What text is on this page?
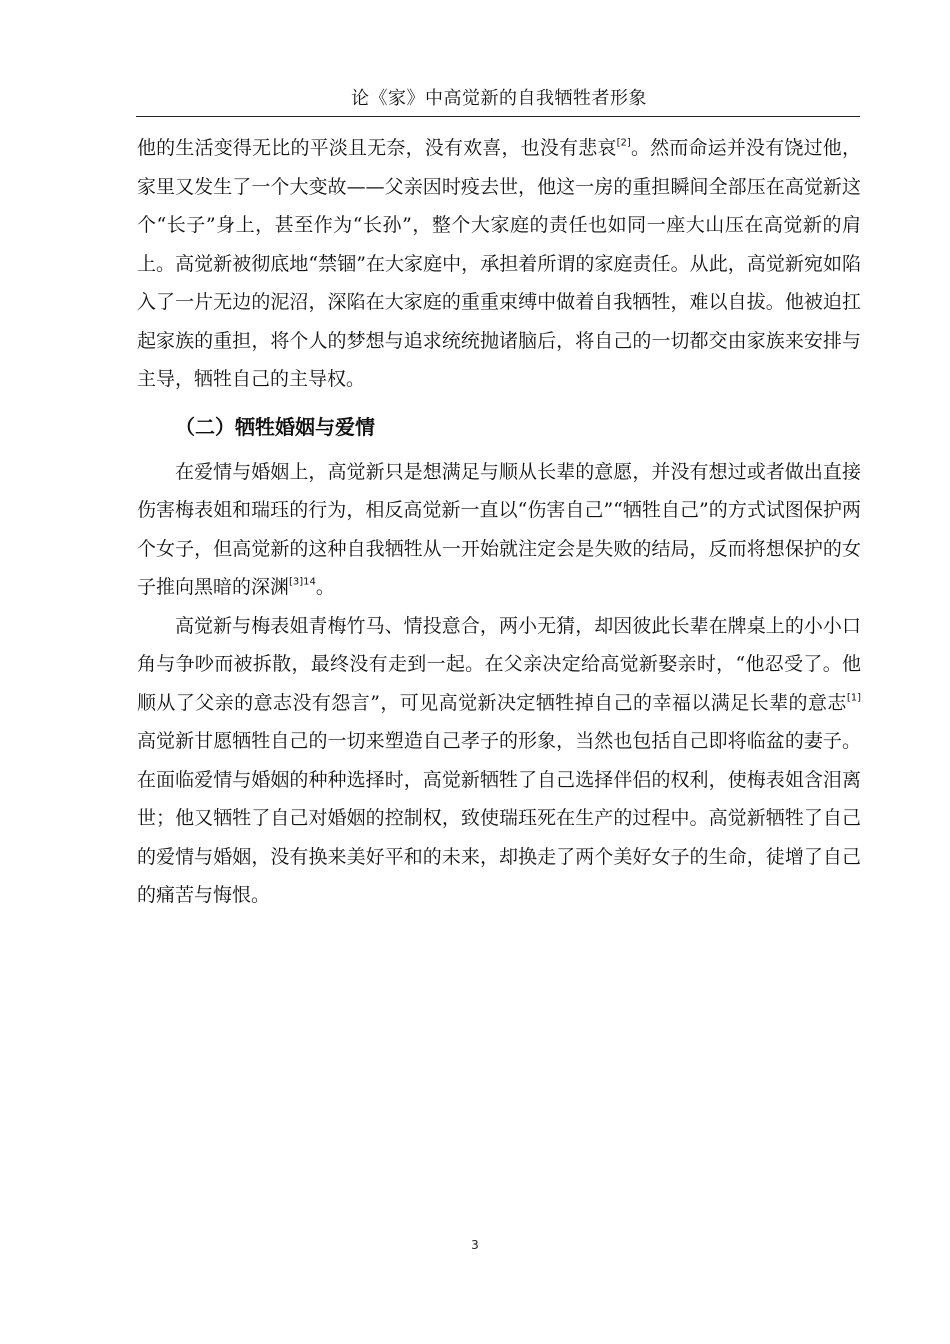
论《家》中高觉新的自我牺牲者形象

他的生活变得无比的平淡且无奈，没有欢喜，也没有悲哀[2]。然而命运并没有饶过他，家里又发生了一个大变故——父亲因时疫去世，他这一房的重担瞬间全部压在高觉新这个“长子”身上，甚至作为“长孙”，整个大家庭的责任也如同一座大山压在高觉新的肩上。高觉新被彻底地“禁锢”在大家庭中，承担着所谓的家庭责任。从此，高觉新宛如陷入了一片无边的泥沼，深陷在大家庭的重重束缚中做着自我牺牲，难以自拔。他被迫扛起家族的重担，将个人的梦想与追求统统抛诸脑后，将自己的一切都交由家族来安排与主导，牺牲自己的主导权。

（二）牺牲婚姻与爱情

在爱情与婚姻上，高觉新只是想满足与顺从长辈的意愿，并没有想过或者做出直接伤害梅表姐和瑞珏的行为，相反高觉新一直以“伤害自己”“牺牲自己”的方式试图保护两个女子，但高觉新的这种自我牺牲从一开始就注定会是失败的结局，反而将想保护的女子推向黑暗的深渊$^{[3]14}$。

高觉新与梅表姐青梅竹马、情投意合，两小无猜，却因彼此长辈在牌桌上的小小口角与争吵而被拆散，最终没有走到一起。在父亲决定给高觉新娶亲时，“他忍受了。他顺从了父亲的意志没有怨言”，可见高觉新决定牺牲掉自己的幸福以满足长辈的意志[1]高觉新甘愿牺牲自己的一切来塑造自己孝子的形象，当然也包括自己即将临盆的妻子。在面临爱情与婚姻的种种选择时，高觉新牺牲了自己选择伴侣的权利，使梅表姐含泪离世；他又牺牲了自己对婚姻的控制权，致使瑞珏死在生产的过程中。高觉新牺牲了自己的爱情与婚姻，没有换来美好平和的未来，却换走了两个美好女子的生命，徒增了自己的痛苦与悔恨。

3
